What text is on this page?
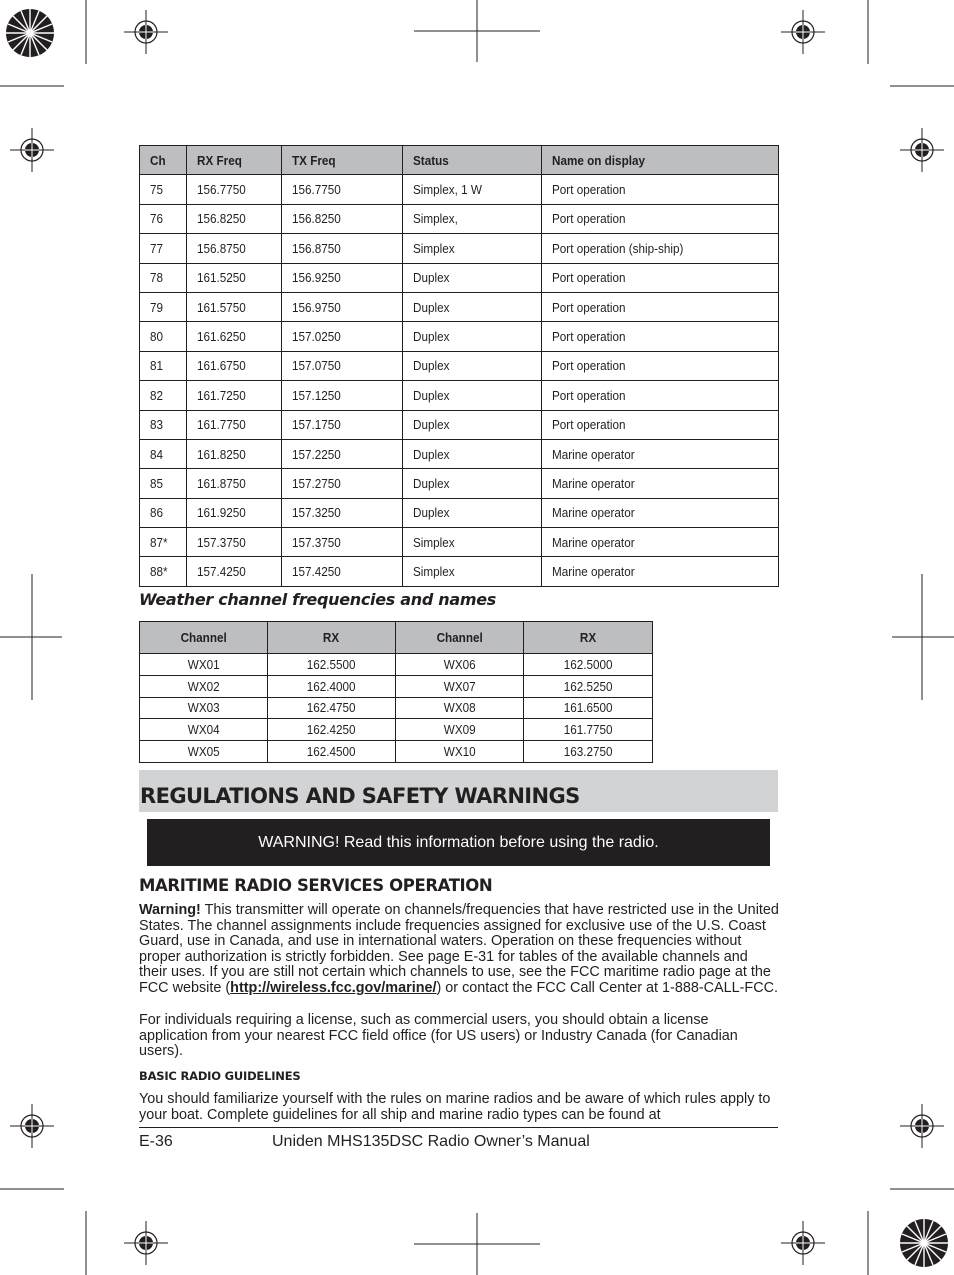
Ch	RX Freq	TX Freq	Status	Name on display
75	156.7750	156.7750	Simplex, 1 W	Port operation
76	156.8250	156.8250	Simplex,	Port operation
77	156.8750	156.8750	Simplex	Port operation (ship-ship)
78	161.5250	156.9250	Duplex	Port operation
79	161.5750	156.9750	Duplex	Port operation
80	161.6250	157.0250	Duplex	Port operation
81	161.6750	157.0750	Duplex	Port operation
82	161.7250	157.1250	Duplex	Port operation
83	161.7750	157.1750	Duplex	Port operation
84	161.8250	157.2250	Duplex	Marine operator
85	161.8750	157.2750	Duplex	Marine operator
86	161.9250	157.3250	Duplex	Marine operator
87*	157.3750	157.3750	Simplex	Marine operator
88*	157.4250	157.4250	Simplex	Marine operator
Weather channel frequencies and names
Channel	RX	Channel	RX
WX01	162.5500	WX06	162.5000
WX02	162.4000	WX07	162.5250
WX03	162.4750	WX08	161.6500
WX04	162.4250	WX09	161.7750
WX05	162.4500	WX10	163.2750
REGULATIONS AND SAFETY WARNINGS
WARNING! Read this information before using the radio.
MARITIME RADIO SERVICES OPERATION

Warning! This transmitter will operate on channels/frequencies that have restricted use in the United States. The channel assignments include frequencies assigned for exclusive use of the U.S. Coast Guard, use in Canada, and use in international waters. Operation on these frequencies without proper authorization is strictly forbidden. See page E-31 for tables of the available channels and their uses. If you are still not certain which channels to use, see the FCC maritime radio page at the FCC website (http://wireless.fcc.gov/marine/) or contact the FCC Call Center at 1-888-CALL-FCC.

For individuals requiring a license, such as commercial users, you should obtain a license application from your nearest FCC field office (for US users) or Industry Canada (for Canadian users).

BASIC RADIO GUIDELINES

You should familiarize yourself with the rules on marine radios and be aware of which rules apply to your boat. Complete guidelines for all ship and marine radio types can be found at

E-36	Uniden MHS135DSC Radio Owner’s Manual
